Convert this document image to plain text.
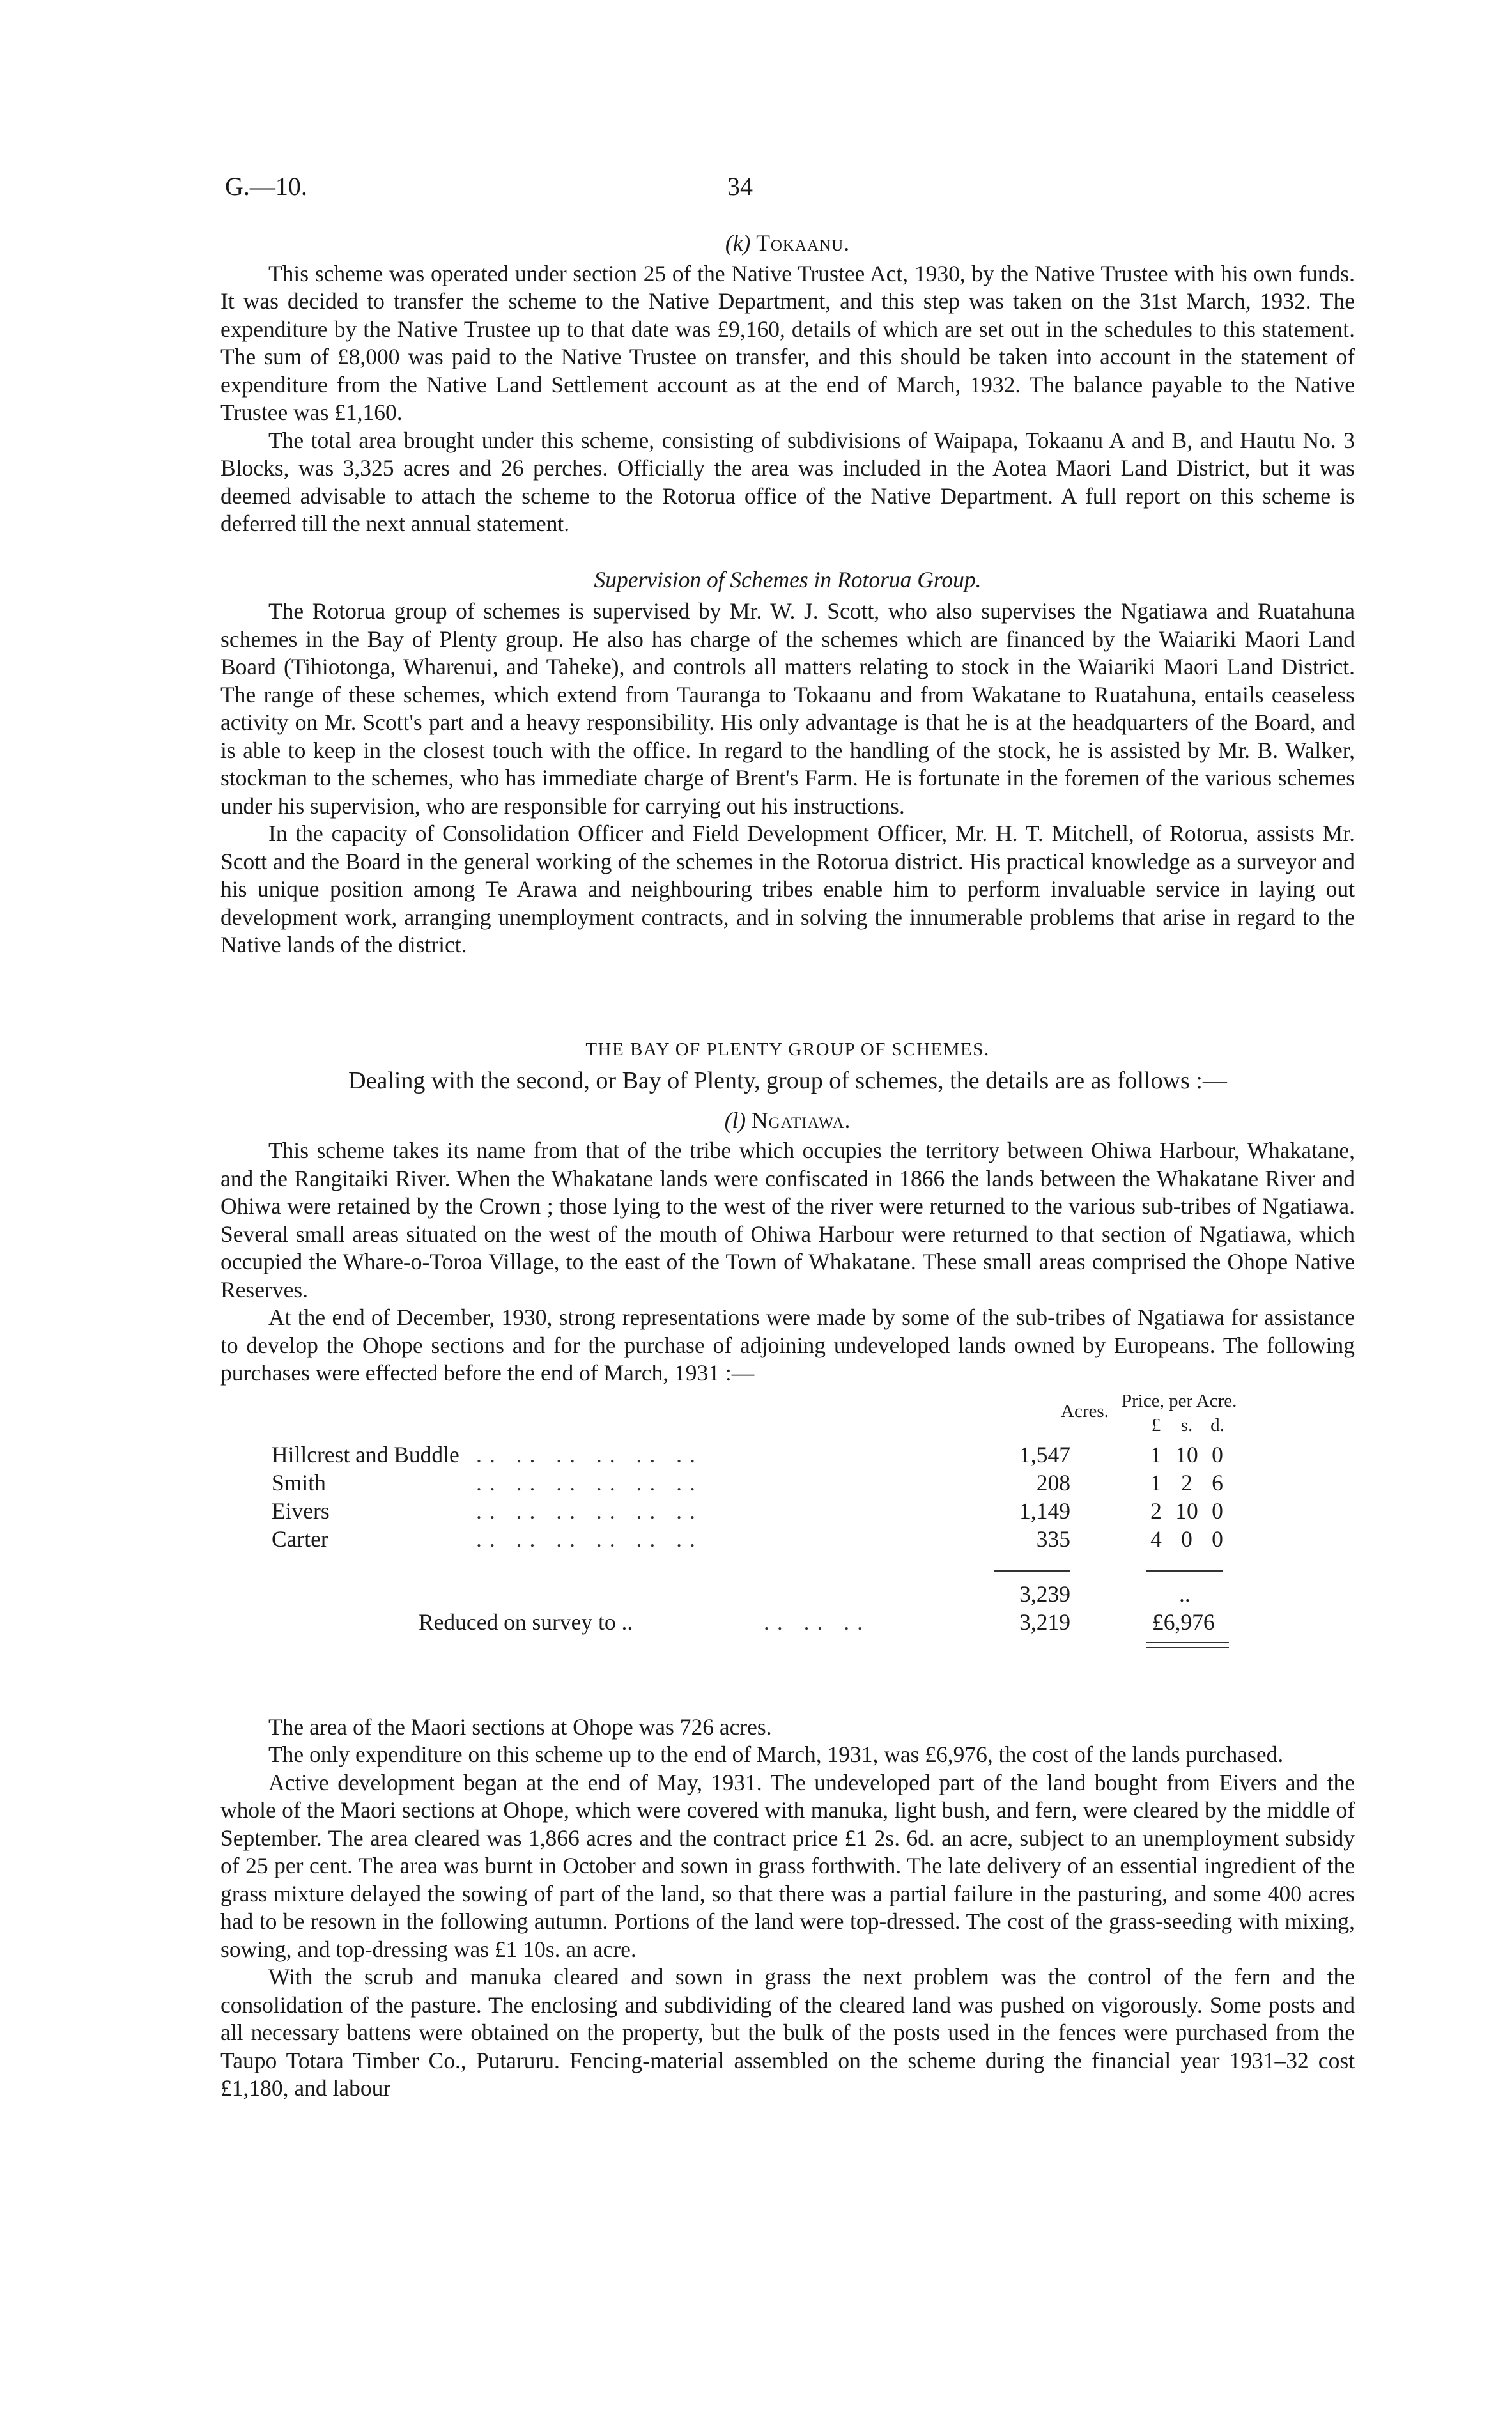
G.—10.	34
(k) Tokaanu.

This scheme was operated under section 25 of the Native Trustee Act, 1930, by the Native Trustee with his own funds. It was decided to transfer the scheme to the Native Department, and this step was taken on the 31st March, 1932. The expenditure by the Native Trustee up to that date was £9,160, details of which are set out in the schedules to this statement. The sum of £8,000 was paid to the Native Trustee on transfer, and this should be taken into account in the statement of expenditure from the Native Land Settlement account as at the end of March, 1932. The balance payable to the Native Trustee was £1,160.

The total area brought under this scheme, consisting of subdivisions of Waipapa, Tokaanu A and B, and Hautu No. 3 Blocks, was 3,325 acres and 26 perches. Officially the area was included in the Aotea Maori Land District, but it was deemed advisable to attach the scheme to the Rotorua office of the Native Department. A full report on this scheme is deferred till the next annual statement.

Supervision of Schemes in Rotorua Group.

The Rotorua group of schemes is supervised by Mr. W. J. Scott, who also supervises the Ngatiawa and Ruatahuna schemes in the Bay of Plenty group. He also has charge of the schemes which are financed by the Waiariki Maori Land Board (Tihiotonga, Wharenui, and Taheke), and controls all matters relating to stock in the Waiariki Maori Land District. The range of these schemes, which extend from Tauranga to Tokaanu and from Wakatane to Ruatahuna, entails ceaseless activity on Mr. Scott's part and a heavy responsibility. His only advantage is that he is at the headquarters of the Board, and is able to keep in the closest touch with the office. In regard to the handling of the stock, he is assisted by Mr. B. Walker, stockman to the schemes, who has immediate charge of Brent's Farm. He is fortunate in the foremen of the various schemes under his supervision, who are responsible for carrying out his instructions.

In the capacity of Consolidation Officer and Field Development Officer, Mr. H. T. Mitchell, of Rotorua, assists Mr. Scott and the Board in the general working of the schemes in the Rotorua district. His practical knowledge as a surveyor and his unique position among Te Arawa and neighbouring tribes enable him to perform invaluable service in laying out development work, arranging unemployment contracts, and in solving the innumerable problems that arise in regard to the Native lands of the district.

THE BAY OF PLENTY GROUP OF SCHEMES.
Dealing with the second, or Bay of Plenty, group of schemes, the details are as follows :—
(l) Ngatiawa.

This scheme takes its name from that of the tribe which occupies the territory between Ohiwa Harbour, Whakatane, and the Rangitaiki River. When the Whakatane lands were confiscated in 1866 the lands between the Whakatane River and Ohiwa were retained by the Crown ; those lying to the west of the river were returned to the various sub-tribes of Ngatiawa. Several small areas situated on the west of the mouth of Ohiwa Harbour were returned to that section of Ngatiawa, which occupied the Whare-o-Toroa Village, to the east of the Town of Whakatane. These small areas comprised the Ohope Native Reserves.

At the end of December, 1930, strong representations were made by some of the sub-tribes of Ngatiawa for assistance to develop the Ohope sections and for the purchase of adjoining undeveloped lands owned by Europeans. The following purchases were effected before the end of March, 1931 :—

Acres. Price, per Acre.
£ s. d.
Hillcrest and Buddle .. .. .. .. .. ..	1,547	1 10 0
Smith	.. .. .. .. .. ..	208	1 2 6
Eivers	.. .. .. .. .. ..	1,149	2 10 0
Carter	.. .. .. .. .. ..	335	4 0 0
3,239	..
Reduced on survey to ..	.. .. ..	3,219	£6,976

The area of the Maori sections at Ohope was 726 acres.

The only expenditure on this scheme up to the end of March, 1931, was £6,976, the cost of the lands purchased.

Active development began at the end of May, 1931. The undeveloped part of the land bought from Eivers and the whole of the Maori sections at Ohope, which were covered with manuka, light bush, and fern, were cleared by the middle of September. The area cleared was 1,866 acres and the contract price £1 2s. 6d. an acre, subject to an unemployment subsidy of 25 per cent. The area was burnt in October and sown in grass forthwith. The late delivery of an essential ingredient of the grass mixture delayed the sowing of part of the land, so that there was a partial failure in the pasturing, and some 400 acres had to be resown in the following autumn. Portions of the land were top-dressed. The cost of the grass-seeding with mixing, sowing, and top-dressing was £1 10s. an acre.

With the scrub and manuka cleared and sown in grass the next problem was the control of the fern and the consolidation of the pasture. The enclosing and subdividing of the cleared land was pushed on vigorously. Some posts and all necessary battens were obtained on the property, but the bulk of the posts used in the fences were purchased from the Taupo Totara Timber Co., Putaruru. Fencing-material assembled on the scheme during the financial year 1931–32 cost £1,180, and labour
